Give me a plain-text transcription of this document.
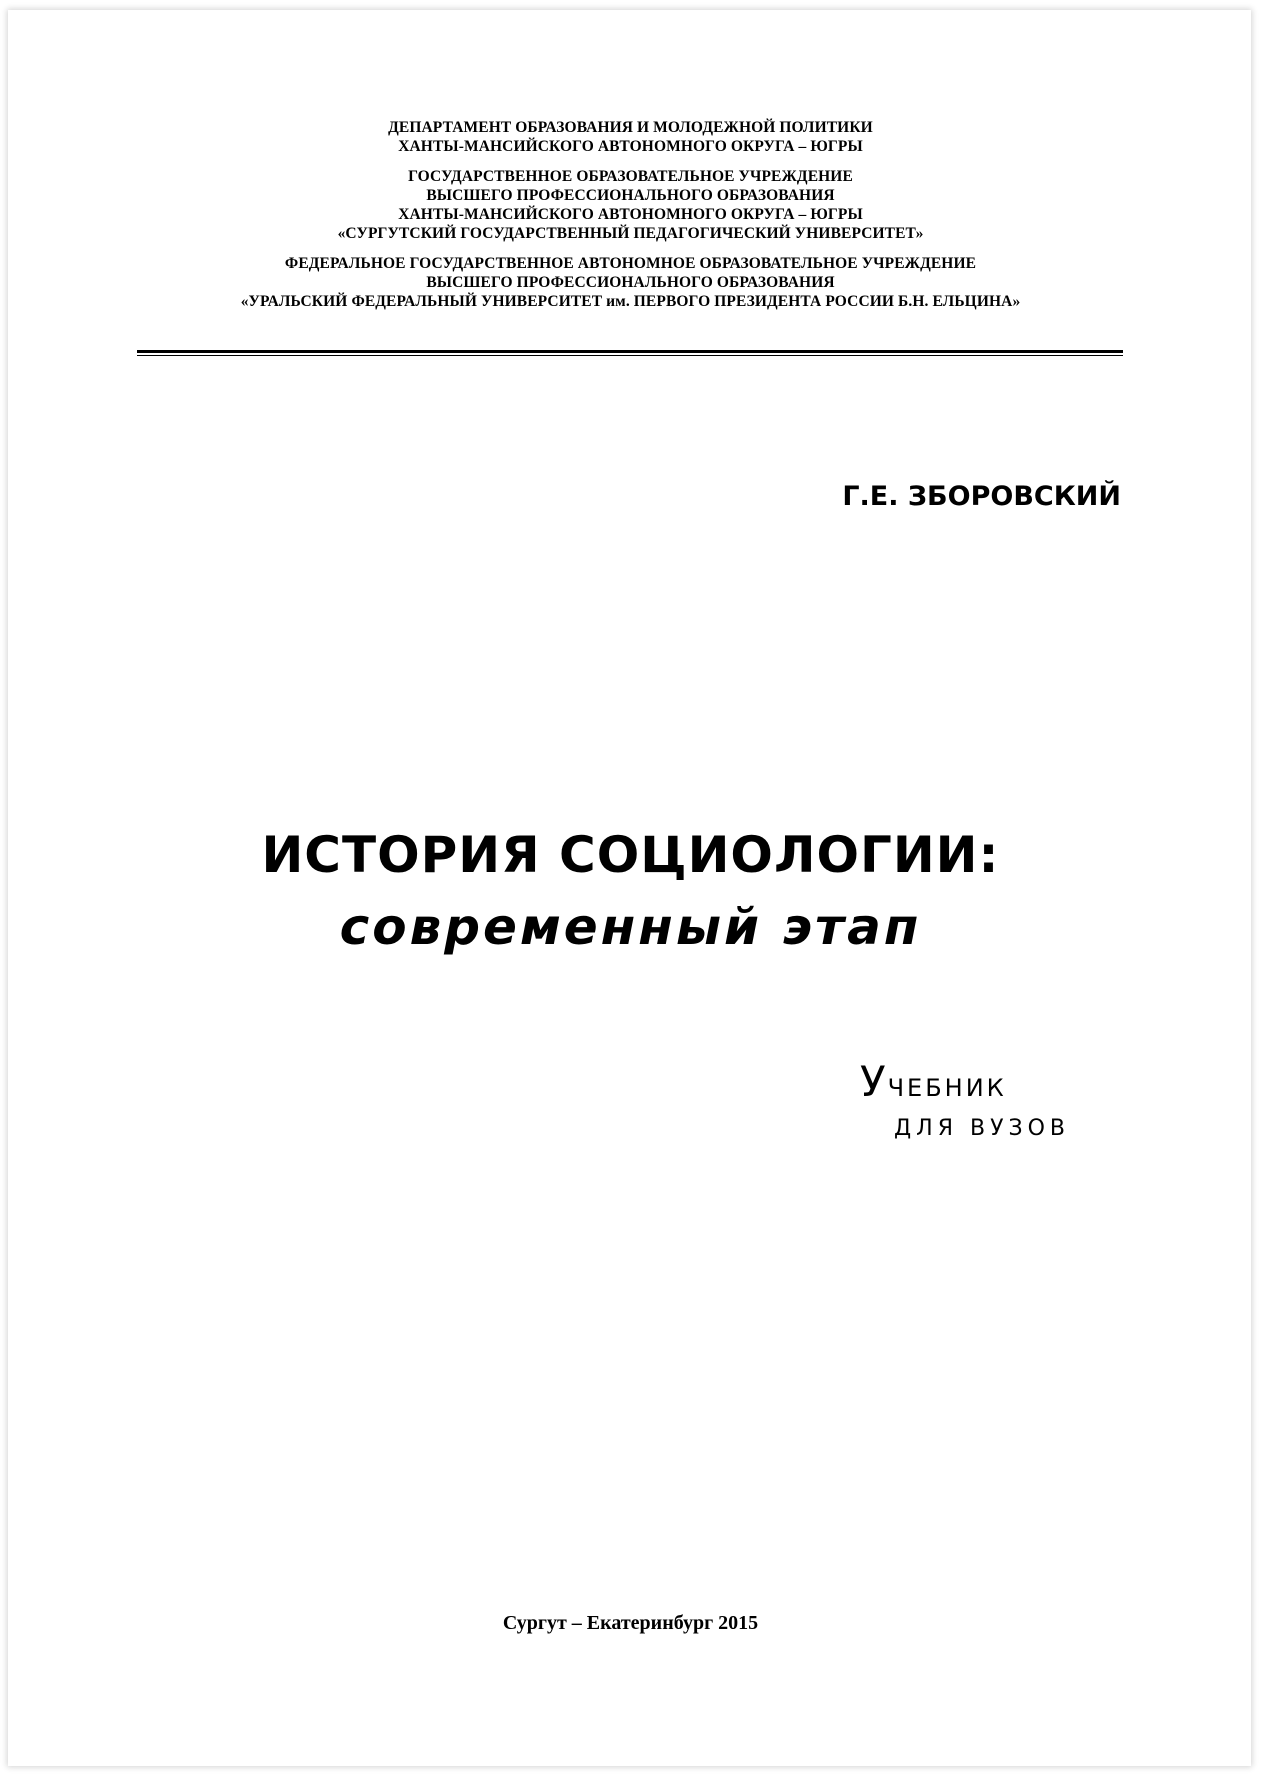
ДЕПАРТАМЕНТ ОБРАЗОВАНИЯ И МОЛОДЕЖНОЙ ПОЛИТИКИ
ХАНТЫ-МАНСИЙСКОГО АВТОНОМНОГО ОКРУГА – ЮГРЫ
ГОСУДАРСТВЕННОЕ ОБРАЗОВАТЕЛЬНОЕ УЧРЕЖДЕНИЕ
ВЫСШЕГО ПРОФЕССИОНАЛЬНОГО ОБРАЗОВАНИЯ
ХАНТЫ-МАНСИЙСКОГО АВТОНОМНОГО ОКРУГА – ЮГРЫ
«СУРГУТСКИЙ ГОСУДАРСТВЕННЫЙ ПЕДАГОГИЧЕСКИЙ УНИВЕРСИТЕТ»
ФЕДЕРАЛЬНОЕ ГОСУДАРСТВЕННОЕ АВТОНОМНОЕ ОБРАЗОВАТЕЛЬНОЕ УЧРЕЖДЕНИЕ
ВЫСШЕГО ПРОФЕССИОНАЛЬНОГО ОБРАЗОВАНИЯ
«УРАЛЬСКИЙ ФЕДЕРАЛЬНЫЙ УНИВЕРСИТЕТ им. ПЕРВОГО ПРЕЗИДЕНТА РОССИИ Б.Н. ЕЛЬЦИНА»
Г.Е. ЗБОРОВСКИЙ
ИСТОРИЯ СОЦИОЛОГИИ:
современный этап
УЧЕБНИК
ДЛЯ ВУЗОВ
Сургут – Екатеринбург 2015
